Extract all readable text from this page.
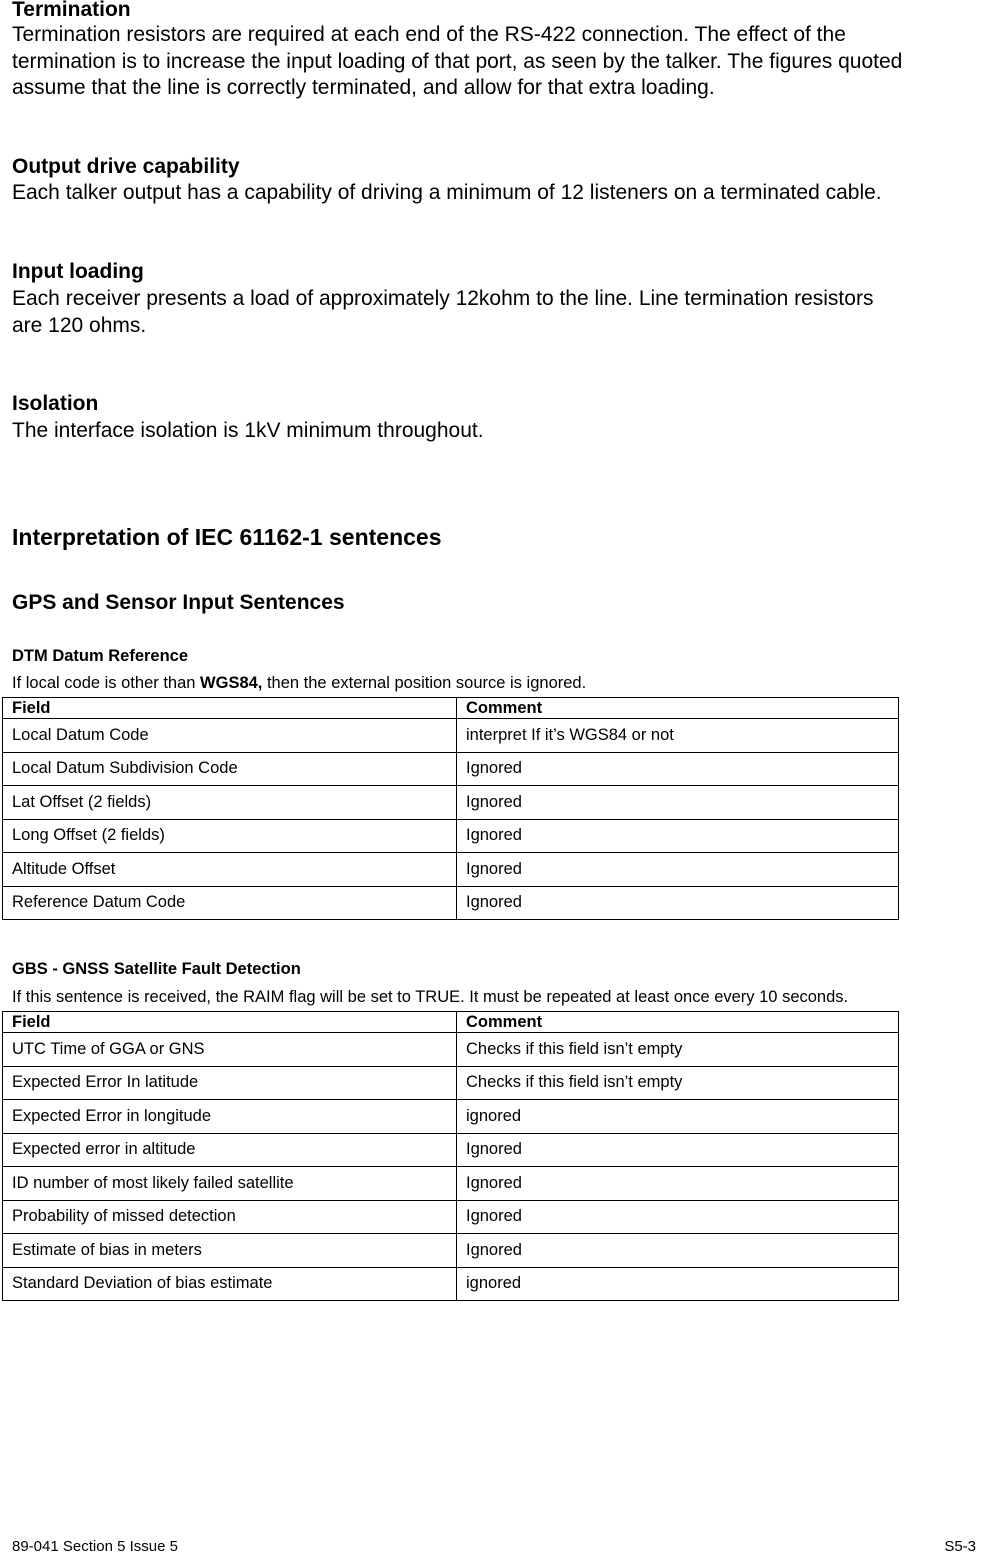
Termination
Termination resistors are required at each end of the RS-422 connection. The effect of the
termination is to increase the input loading of that port, as seen by the talker. The figures quoted
assume that the line is correctly terminated, and allow for that extra loading.
Output drive capability
Each talker output has a capability of driving a minimum of 12 listeners on a terminated cable.
Input loading
Each receiver presents a load of approximately 12kohm to the line. Line termination resistors
are 120 ohms.
Isolation
The interface isolation is 1kV minimum throughout.
Interpretation of IEC 61162-1 sentences
GPS and Sensor Input Sentences
DTM Datum Reference
If local code is other than WGS84, then the external position source is ignored.
Field	Comment
Local Datum Code	interpret If it’s WGS84 or not
Local Datum Subdivision Code	Ignored
Lat Offset (2 fields)	Ignored
Long Offset (2 fields)	Ignored
Altitude Offset	Ignored
Reference Datum Code	Ignored
GBS - GNSS Satellite Fault Detection
If this sentence is received, the RAIM flag will be set to TRUE. It must be repeated at least once every 10 seconds.
Field	Comment
UTC Time of GGA or GNS	Checks if this field isn’t empty
Expected Error In latitude	Checks if this field isn’t empty
Expected Error in longitude	ignored
Expected error in altitude	Ignored
ID number of most likely failed satellite	Ignored
Probability of missed detection	Ignored
Estimate of bias in meters	Ignored
Standard Deviation of bias estimate	ignored
89-041 Section 5 Issue 5	S5-3
